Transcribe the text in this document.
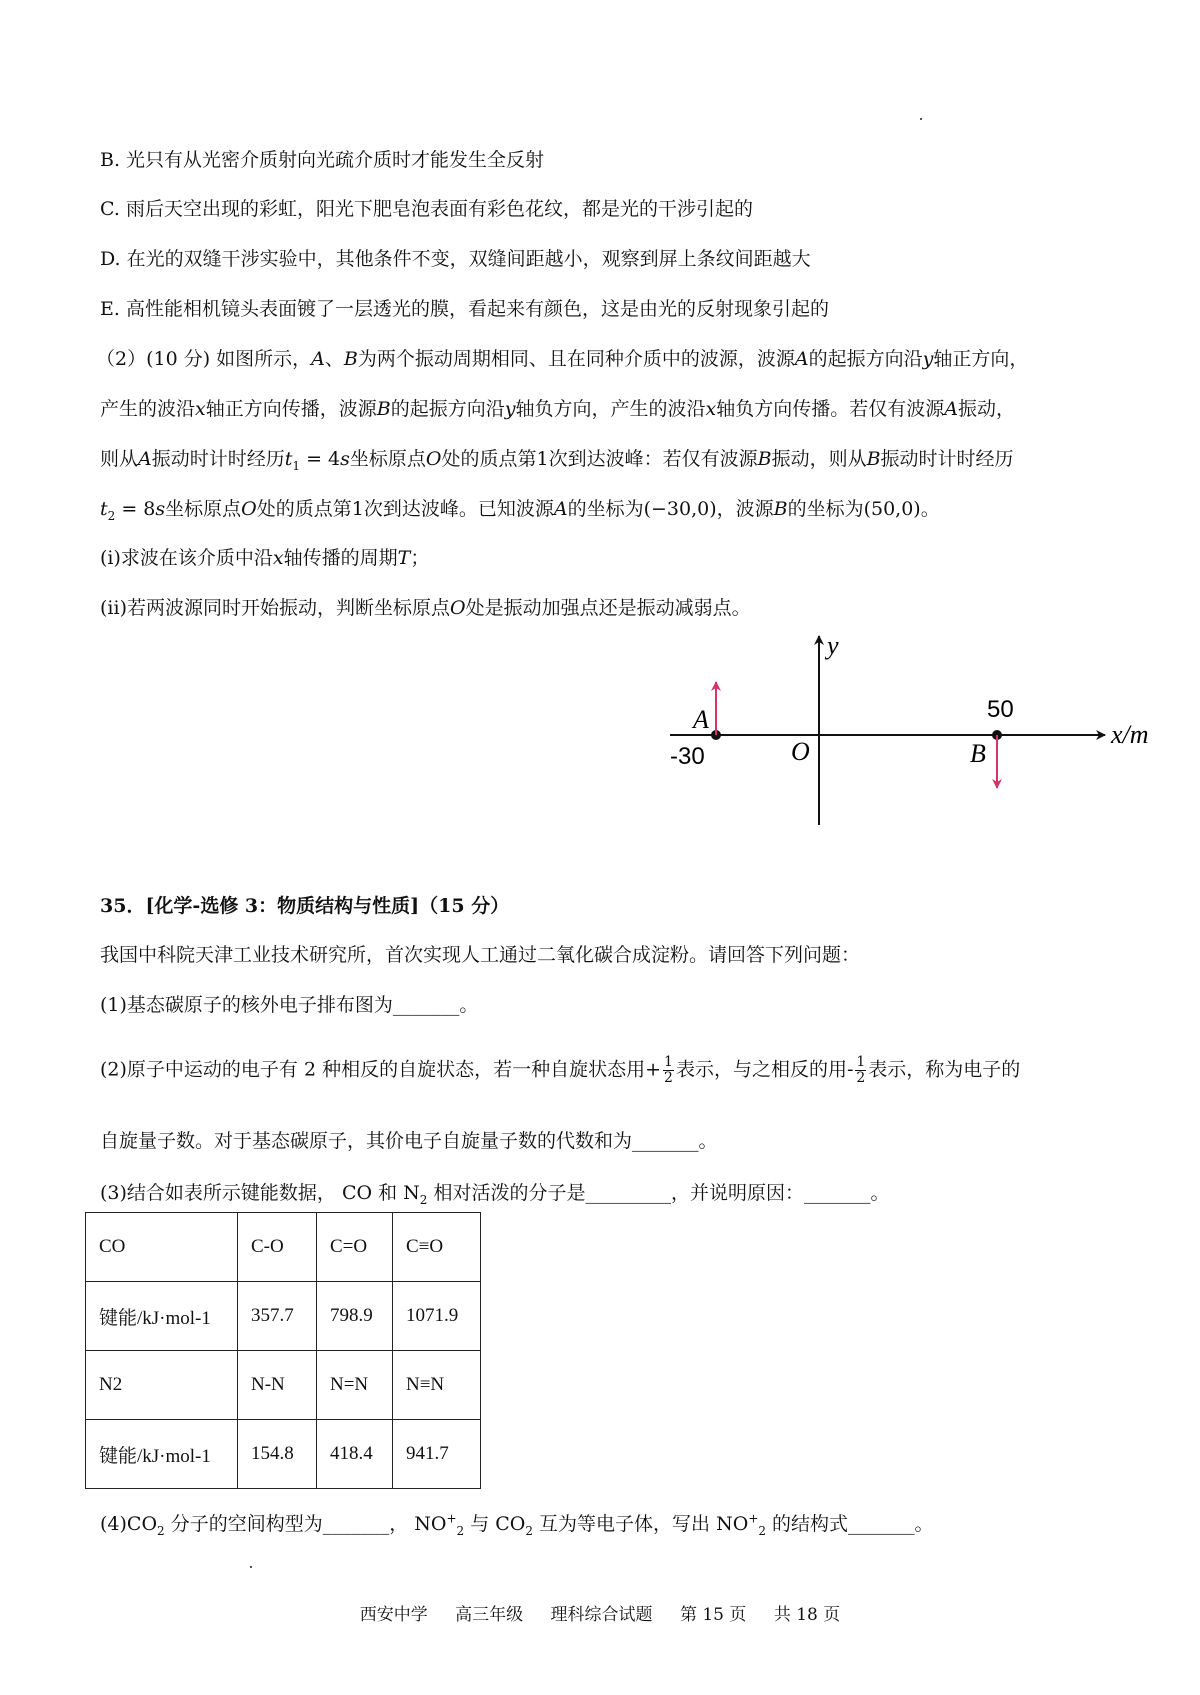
B. 光只有从光密介质射向光疏介质时才能发生全反射
C. 雨后天空出现的彩虹，阳光下肥皂泡表面有彩色花纹，都是光的干涉引起的
D. 在光的双缝干涉实验中，其他条件不变，双缝间距越小，观察到屏上条纹间距越大
E. 高性能相机镜头表面镀了一层透光的膜，看起来有颜色，这是由光的反射现象引起的
（2）(10 分) 如图所示，A、B为两个振动周期相同、且在同种介质中的波源，波源A的起振方向沿y轴正方向，
产生的波沿x轴正方向传播，波源B的起振方向沿y轴负方向，产生的波沿x轴负方向传播。若仅有波源A振动，
则从A振动时计时经历$t_1 = 4s$坐标原点O处的质点第1次到达波峰：若仅有波源B振动，则从B振动时计时经历
$t_2 = 8s$坐标原点O处的质点第1次到达波峰。已知波源A的坐标为(−30,0)，波源B的坐标为(50,0)。
(i)求波在该介质中沿x轴传播的周期T；
(ii)若两波源同时开始振动，判断坐标原点O处是振动加强点还是振动减弱点。
y
x/m
O
A
-30	B
50
35．[化学-选修 3：物质结构与性质]（15 分）
我国中科院天津工业技术研究所，首次实现人工通过二氧化碳合成淀粉。请回答下列问题：
(1)基态碳原子的核外电子排布图为_______。
(2)原子中运动的电子有 2 种相反的自旋状态，若一种自旋状态用+ $\frac{1}{2}$ 表示，与之相反的用- $\frac{1}{2}$ 表示，称为电子的
自旋量子数。对于基态碳原子，其价电子自旋量子数的代数和为_______。
(3)结合如表所示键能数据， CO 和 $N_2$ 相对活泼的分子是_________，并说明原因：_______。
CO	C-O	C=O	C≡O
键能/kJ·mol-1	357.7	798.9	1071.9
N2	N-N	N=N	N≡N
键能/kJ·mol-1	154.8	418.4	941.7
$(4)CO_2$ 分子的空间构型为_______， $NO^+_2$ 与 $CO_2$ 互为等电子体，写出 $NO^+_2$ 的结构式_______。
西安中学 高三年级 理科综合试题 第 15 页 共 18 页
